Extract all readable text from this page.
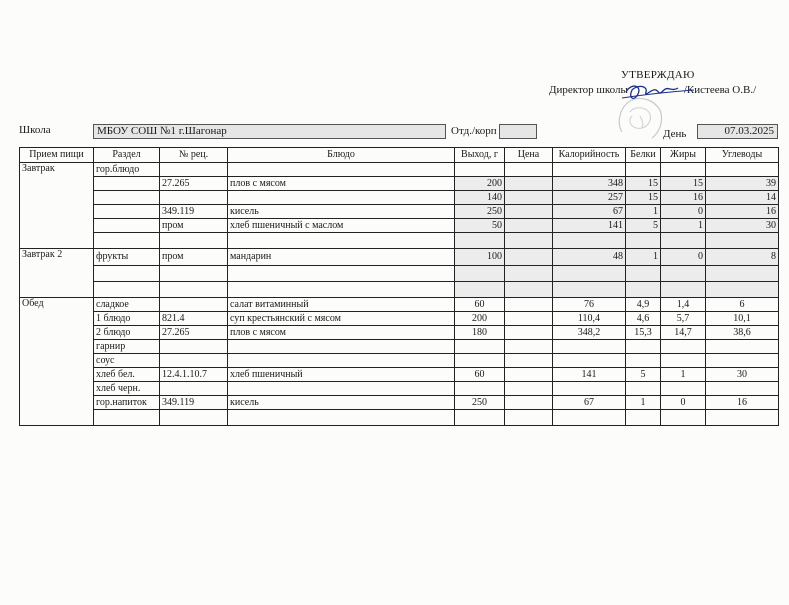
УТВЕРЖДАЮ
Директор школы	/Кистеева О.В./
Школа	МБОУ СОШ №1 г.Шагонар	Отд./корп	День	07.03.2025
Прием пищи	Раздел	№ рец.	Блюдо	Выход, г	Цена	Калорийность	Белки	Жиры	Углеводы
Завтрак	гор.блюдо								
		27.265	плов с мясом	200		348	15	15	39
				140		257	15	16	14
		349.119	кисель	250		67	1	0	16
		пром	хлеб пшеничный с маслом	50		141	5	1	30

Завтрак 2	фрукты	пром	мандарин	100		48	1	0	8

Обед	сладкое		салат витаминный	60		76	4,9	1,4	6
	1 блюдо	821.4	суп крестьянский с мясом	200		110,4	4,6	5,7	10,1
	2 блюдо	27.265	плов с мясом	180		348,2	15,3	14,7	38,6
	гарнир								
	соус								
	хлеб бел.	12.4.1.10.7	хлеб пшеничный	60		141	5	1	30
	хлеб черн.								
	гор.напиток	349.119	кисель	250		67	1	0	16
